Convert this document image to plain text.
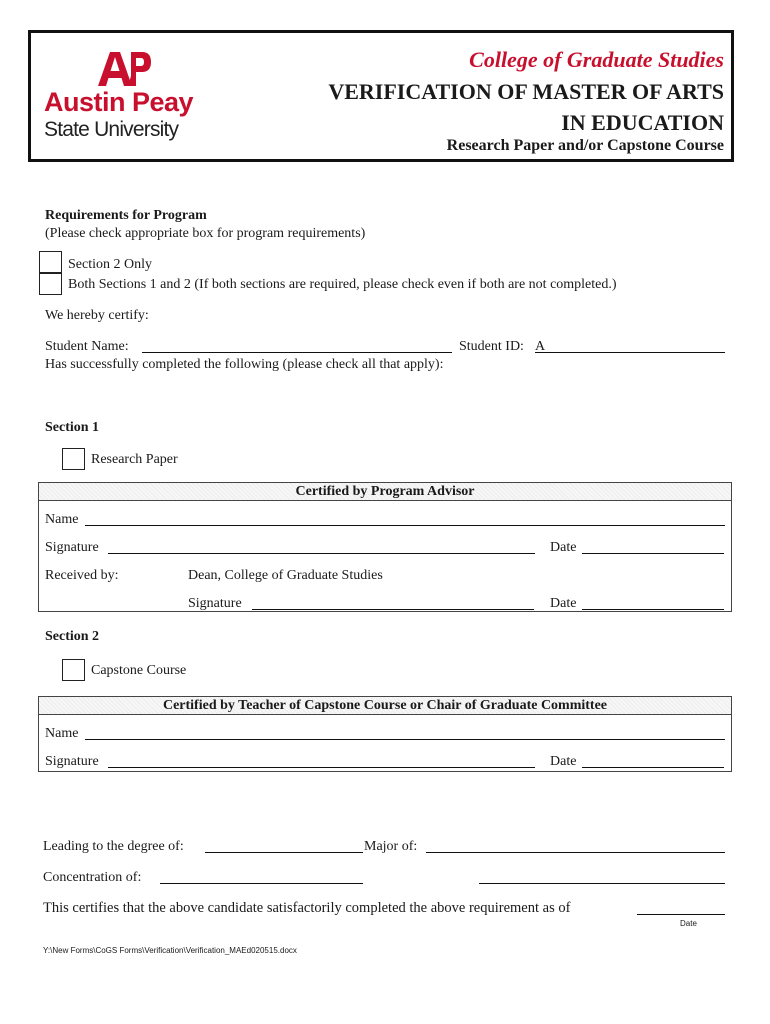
Austin Peay
State University
College of Graduate Studies
VERIFICATION OF MASTER OF ARTS
IN EDUCATION
Research Paper and/or Capstone Course
Requirements for Program
(Please check appropriate box for program requirements)
Section 2 Only
Both Sections 1 and 2 (If both sections are required, please check even if both are not completed.)
We hereby certify:
Student Name:	Student ID: A
Has successfully completed the following (please check all that apply):
Section 1
Research Paper
Certified by Program Advisor
Name
Signature	Date
Received by:	Dean, College of Graduate Studies
Signature	Date
Section 2
Capstone Course
Certified by Teacher of Capstone Course or Chair of Graduate Committee
Name
Signature	Date
Leading to the degree of:	Major of:
Concentration of:
This certifies that the above candidate satisfactorily completed the above requirement as of
Date
Y:\New Forms\CoGS Forms\Verification\Verification_MAEd020515.docx
